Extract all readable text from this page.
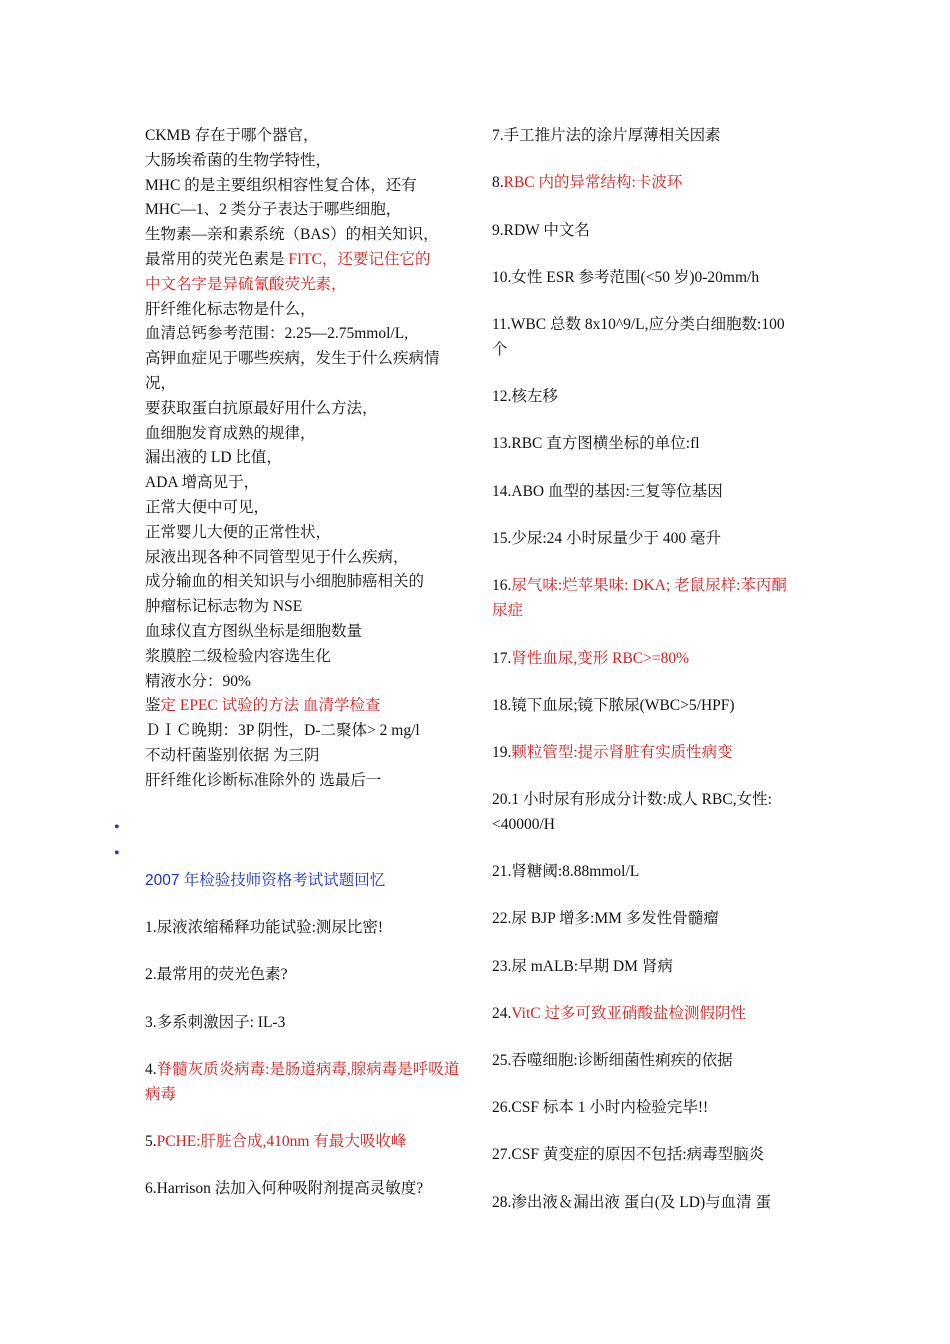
CKMB 存在于哪个器官，
大肠埃希菌的生物学特性，
MHC 的是主要组织相容性复合体，还有
MHC—1、2 类分子表达于哪些细胞，
生物素—亲和素系统（BAS）的相关知识，
最常用的荧光色素是 FITC，还要记住它的
中文名字是异硫氰酸荧光素，
肝纤维化标志物是什么，
血清总钙参考范围：2.25—2.75mmol/L,
高钾血症见于哪些疾病，发生于什么疾病情
况，
要获取蛋白抗原最好用什么方法，
血细胞发育成熟的规律，
漏出液的 LD 比值，
ADA 增高见于，
正常大便中可见，
正常婴儿大便的正常性状，
尿液出现各种不同管型见于什么疾病，
成分输血的相关知识与小细胞肺癌相关的
肿瘤标记标志物为 NSE
血球仪直方图纵坐标是细胞数量
浆膜腔二级检验内容选生化
精液水分：90%
鉴定 EPEC 试验的方法 血清学检查
ＤＩＣ晚期：3P 阴性，D-二聚体> 2 mg/l
不动杆菌鉴别依据 为三阴
肝纤维化诊断标准除外的 选最后一
•
•
2007 年检验技师资格考试试题回忆
1.尿液浓缩稀释功能试验:测尿比密!
2.最常用的荧光色素?
3.多系刺激因子: IL-3
4.脊髓灰质炎病毒:是肠道病毒,腺病毒是呼吸道病毒
5.PCHE:肝脏合成,410nm 有最大吸收峰
6.Harrison 法加入何种吸附剂提高灵敏度?
7.手工推片法的涂片厚薄相关因素
8.RBC 内的异常结构:卡波环
9.RDW 中文名
10.女性 ESR 参考范围(<50 岁)0-20mm/h
11.WBC 总数 8x10^9/L,应分类白细胞数:100 个
12.核左移
13.RBC 直方图横坐标的单位:fl
14.ABO 血型的基因:三复等位基因
15.少尿:24 小时尿量少于 400 毫升
16.尿气味:烂苹果味: DKA; 老鼠尿样:苯丙酮尿症
17.肾性血尿,变形 RBC>=80%
18.镜下血尿;镜下脓尿(WBC>5/HPF)
19.颗粒管型:提示肾脏有实质性病变
20.1 小时尿有形成分计数:成人 RBC,女性:<40000/H
21.肾糖阈:8.88mmol/L
22.尿 BJP 增多:MM 多发性骨髓瘤
23.尿 mALB:早期 DM 肾病
24.VitC 过多可致亚硝酸盐检测假阴性
25.吞噬细胞:诊断细菌性痢疾的依据
26.CSF 标本 1 小时内检验完毕!!
27.CSF 黄变症的原因不包括:病毒型脑炎
28.渗出液＆漏出液 蛋白(及 LD)与血清 蛋
